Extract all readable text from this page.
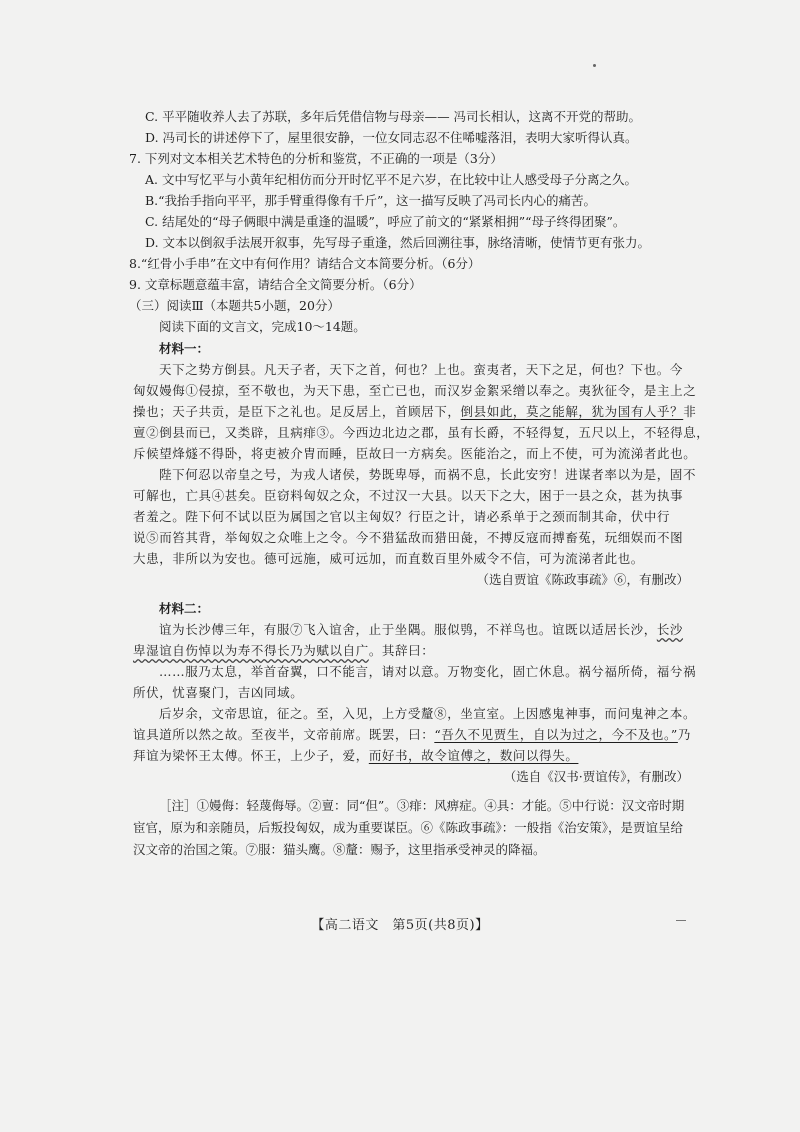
C. 平平随收养人去了苏联，多年后凭借信物与母亲—— 冯司长相认，这离不开党的帮助。
D. 冯司长的讲述停下了，屋里很安静，一位女同志忍不住唏嘘落泪，表明大家听得认真。
7. 下列对文本相关艺术特色的分析和鉴赏，不正确的一项是（3分）
A. 文中写忆平与小黄年纪相仿而分开时忆平不足六岁，在比较中让人感受母子分离之久。
B.“我抬手指向平平，那手臂重得像有千斤”，这一描写反映了冯司长内心的痛苦。
C. 结尾处的“母子俩眼中满是重逢的温暖”，呼应了前文的“紧紧相拥”“母子终得团聚”。
D. 文本以倒叙手法展开叙事，先写母子重逢，然后回溯往事，脉络清晰，使情节更有张力。
8.“红骨小手串”在文中有何作用？请结合文本简要分析。（6分）
9. 文章标题意蕴丰富，请结合全文简要分析。（6分）
（三）阅读Ⅲ（本题共5小题，20分）
阅读下面的文言文，完成10～14题。
材料一：
天下之势方倒县。凡天子者，天下之首，何也？上也。蛮夷者，天下之足，何也？下也。今
匈奴嫚侮①侵掠，至不敬也，为天下患，至亡已也，而汉岁金絮采缯以奉之。夷狄征令，是主上之
操也；天子共贡，是臣下之礼也。足反居上，首顾居下，倒县如此，莫之能解，犹为国有人乎？非
亶②倒县而已，又类辟，且病痱③。今西边北边之郡，虽有长爵，不轻得复，五尺以上，不轻得息，
斥候望烽燧不得卧，将吏被介胄而睡，臣故曰一方病矣。医能治之，而上不使，可为流涕者此也。
陛下何忍以帝皇之号，为戎人诸侯，势既卑辱，而祸不息，长此安穷！进谋者率以为是，固不
可解也，亡具④甚矣。臣窃料匈奴之众，不过汉一大县。以天下之大，困于一县之众，甚为执事
者羞之。陛下何不试以臣为属国之官以主匈奴？行臣之计，请必系单于之颈而制其命，伏中行
说⑤而笞其背，举匈奴之众唯上之令。今不猎猛敌而猎田彘，不搏反寇而搏畜菟，玩细娱而不图
大患，非所以为安也。德可远施，威可远加，而直数百里外威令不信，可为流涕者此也。
（选自贾谊《陈政事疏》⑥，有删改）
材料二：
谊为长沙傅三年，有服⑦飞入谊舍，止于坐隅。服似鸮，不祥鸟也。谊既以适居长沙，长沙
卑湿谊自伤悼以为寿不得长乃为赋以自广。其辞曰：
……服乃太息，举首奋翼，口不能言，请对以意。万物变化，固亡休息。祸兮福所倚，福兮祸
所伏，忧喜聚门，吉凶同域。
后岁余，文帝思谊，征之。至，入见，上方受釐⑧，坐宣室。上因感鬼神事，而问鬼神之本。
谊具道所以然之故。至夜半，文帝前席。既罢，曰：“吾久不见贾生，自以为过之，今不及也。”乃
拜谊为梁怀王太傅。怀王，上少子，爱，而好书，故令谊傅之，数问以得失。
（选自《汉书·贾谊传》，有删改）
［注］①嫚侮：轻蔑侮辱。②亶：同“但”。③痱：风痹症。④具：才能。⑤中行说：汉文帝时期
宦官，原为和亲随员，后叛投匈奴，成为重要谋臣。⑥《陈政事疏》：一般指《治安策》，是贾谊呈给
汉文帝的治国之策。⑦服：猫头鹰。⑧釐：赐予，这里指承受神灵的降福。
【高二语文　第5页(共8页)】
